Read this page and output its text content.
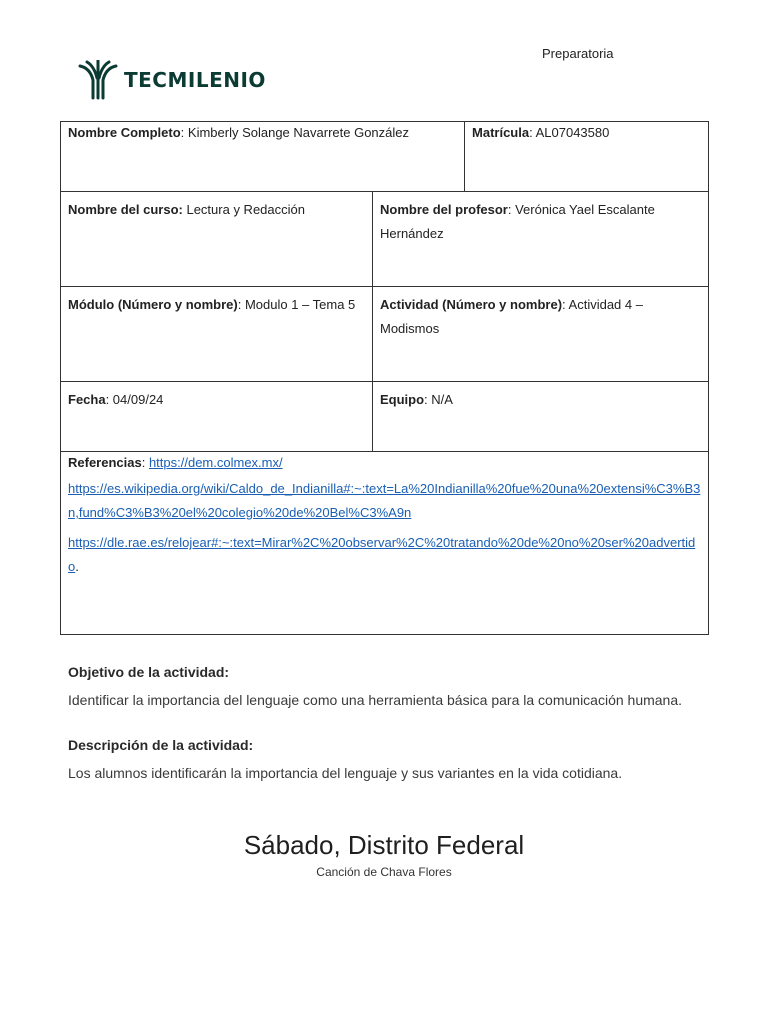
Preparatoria
TECMILENIO
Nombre Completo: Kimberly Solange Navarrete González		Matrícula: AL07043580
Nombre del curso: Lectura y Redacción	Nombre del profesor: Verónica Yael Escalante Hernández	
Módulo (Número y nombre): Modulo 1 – Tema 5	Actividad (Número y nombre): Actividad 4 – Modismos	
Fecha: 04/09/24	Equipo: N/A	

Referencias: https://dem.colmex.mx/

https://es.wikipedia.org/wiki/Caldo_de_Indianilla#:~:text=La%20Indianilla%20fue%20una%20extensi%C3%B3n,fund%C3%B3%20el%20colegio%20de%20Bel%C3%A9n

https://dle.rae.es/relojear#:~:text=Mirar%2C%20observar%2C%20tratando%20de%20no%20ser%20advertido.		

Objetivo de la actividad:
Identificar la importancia del lenguaje como una herramienta básica para la comunicación humana.
Descripción de la actividad:
Los alumnos identificarán la importancia del lenguaje y sus variantes en la vida cotidiana.
Sábado, Distrito Federal
Canción de Chava Flores
